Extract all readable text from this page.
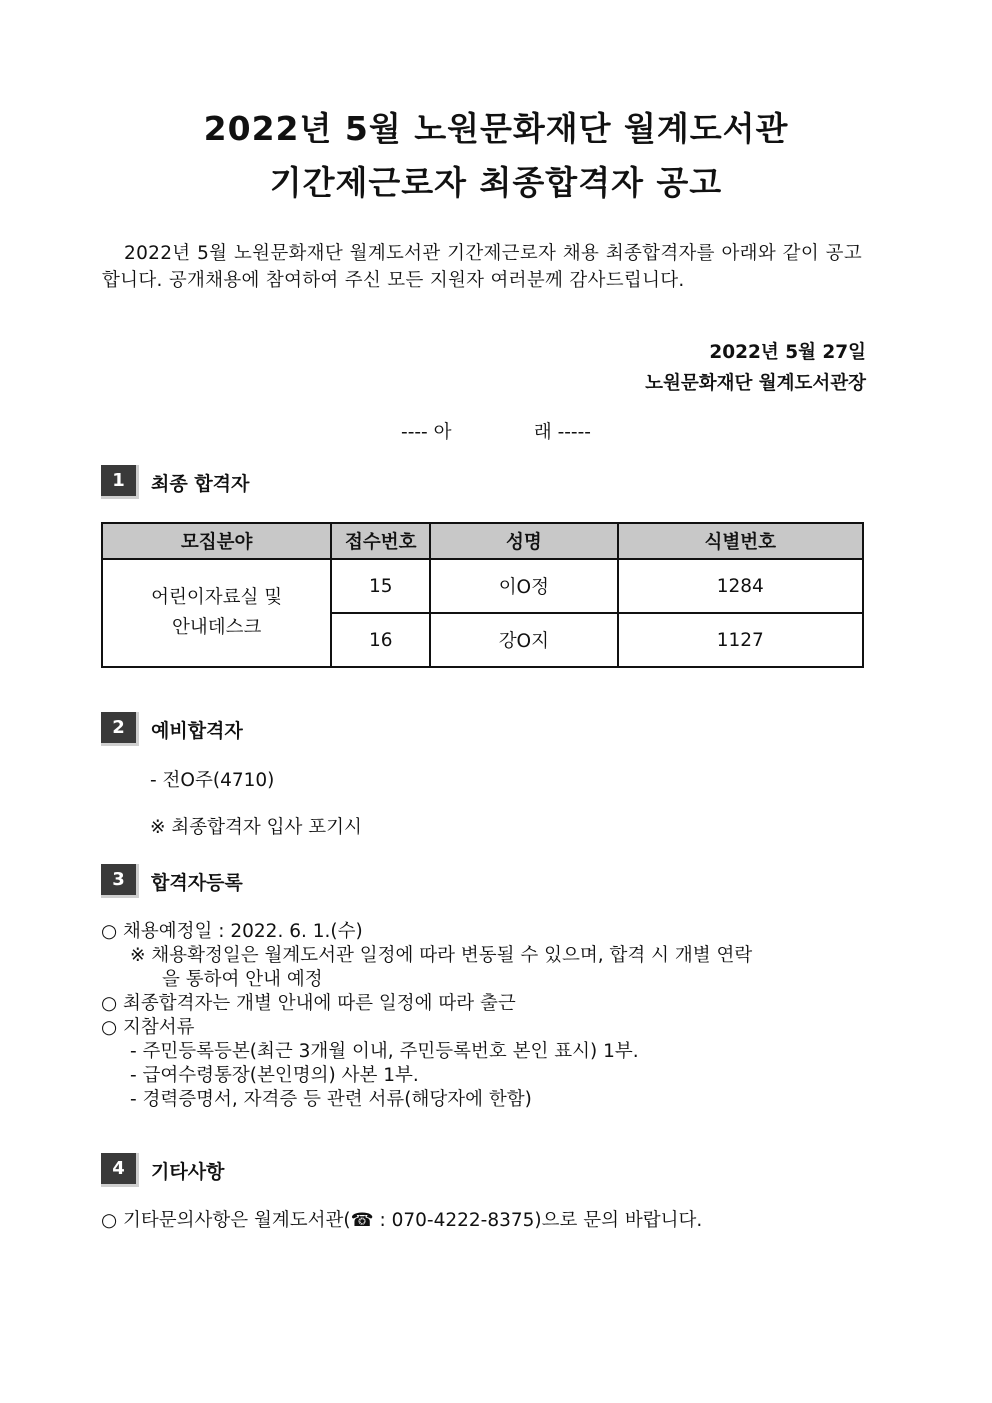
2022년 5월 노원문화재단 월계도서관
기간제근로자 최종합격자 공고
2022년 5월 노원문화재단 월계도서관 기간제근로자 채용 최종합격자를 아래와 같이 공고합니다. 공개채용에 참여하여 주신 모든 지원자 여러분께 감사드립니다.
2022년 5월 27일
노원문화재단 월계도서관장
---- 아              래 -----
1	최종 합격자
모집분야	접수번호	성명	식별번호

어린이자료실 및
안내데스크	15	이O정	1284
	16	강O지	1127
2	예비합격자
- 전O주(4710)
※ 최종합격자 입사 포기시
3	합격자등록
○ 채용예정일 : 2022. 6. 1.(수)
※ 채용확정일은 월계도서관 일정에 따라 변동될 수 있으며, 합격 시 개별 연락
을 통하여 안내 예정
○ 최종합격자는 개별 안내에 따른 일정에 따라 출근
○ 지참서류
- 주민등록등본(최근 3개월 이내, 주민등록번호 본인 표시) 1부.
- 급여수령통장(본인명의) 사본 1부.
- 경력증명서, 자격증 등 관련 서류(해당자에 한함)
4	기타사항
○ 기타문의사항은 월계도서관(☎ : 070-4222-8375)으로 문의 바랍니다.
